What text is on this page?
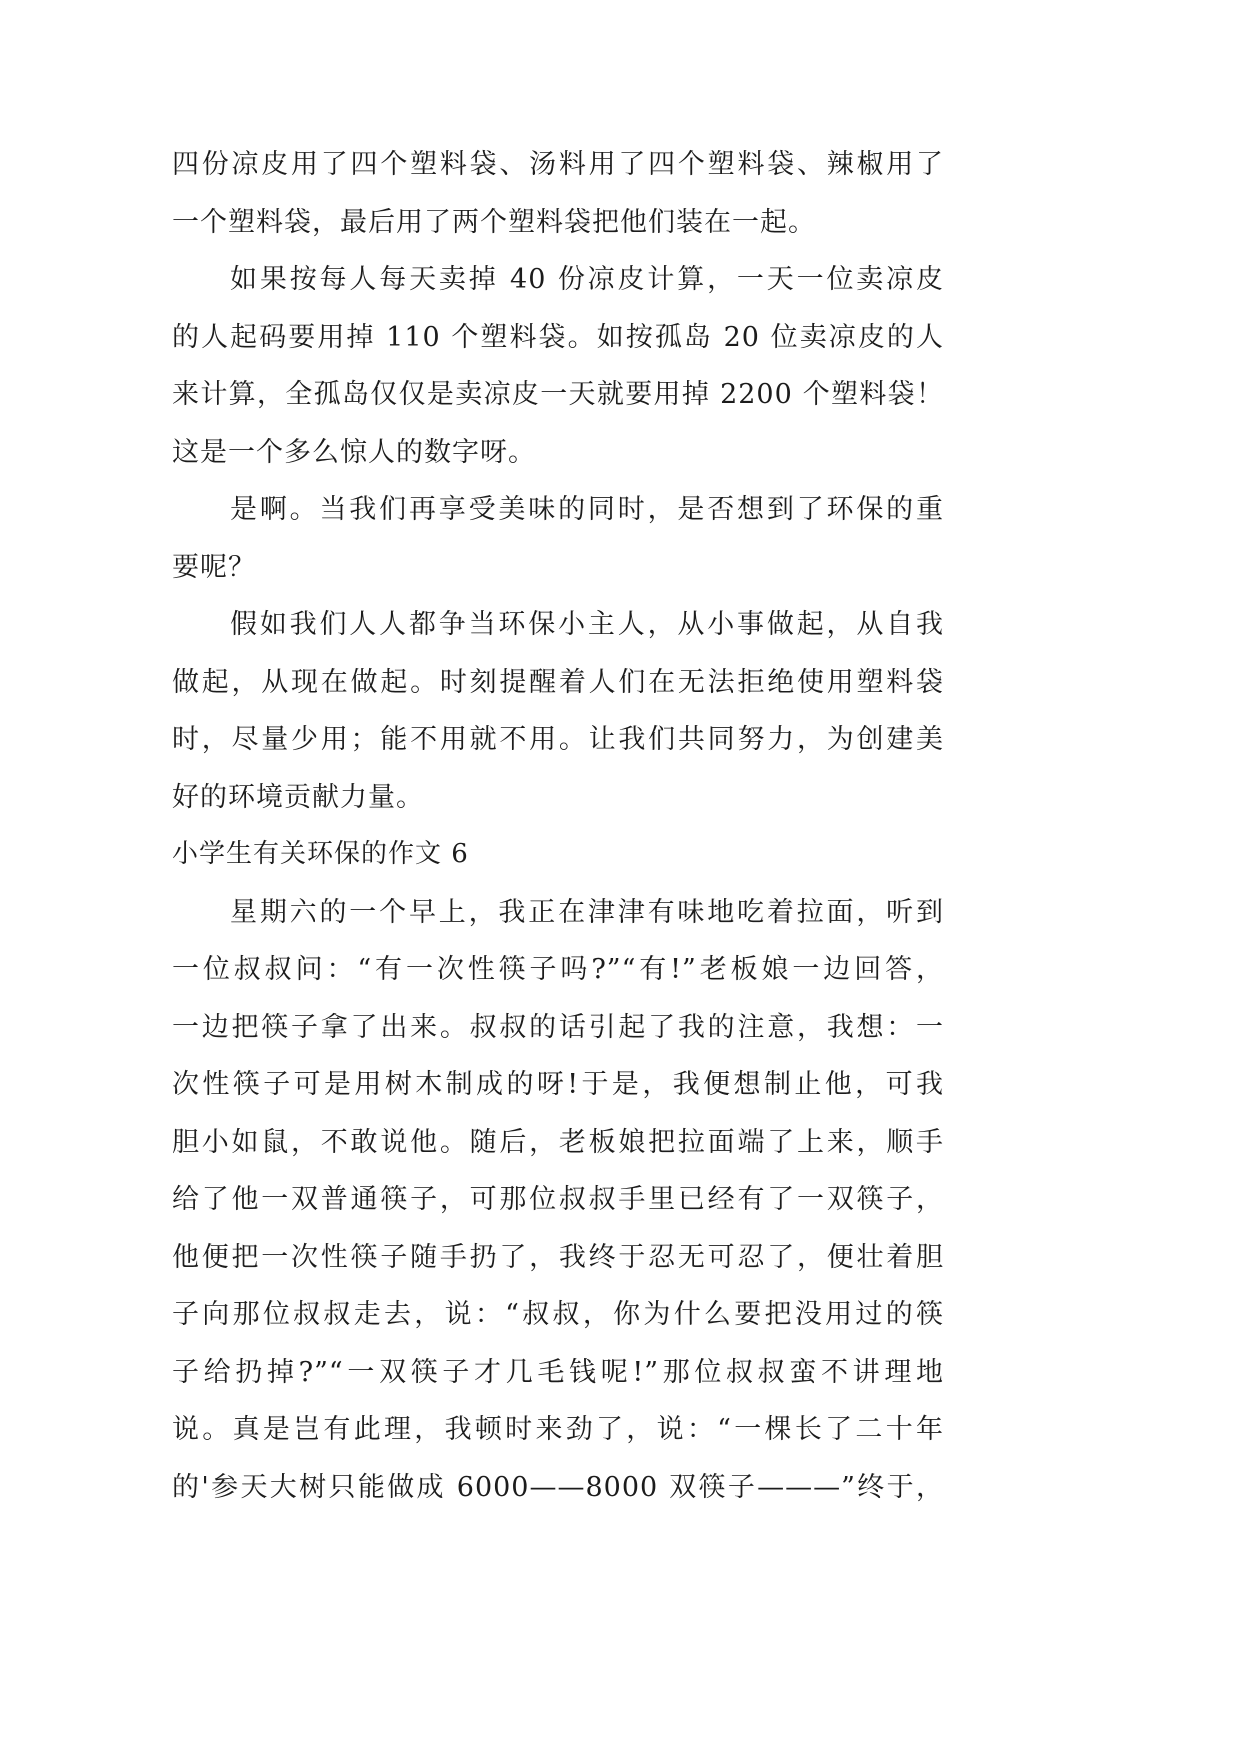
四份凉皮用了四个塑料袋、汤料用了四个塑料袋、辣椒用了
一个塑料袋，最后用了两个塑料袋把他们装在一起。
如果按每人每天卖掉 40 份凉皮计算，一天一位卖凉皮
的人起码要用掉 110 个塑料袋。如按孤岛 20 位卖凉皮的人
来计算，全孤岛仅仅是卖凉皮一天就要用掉 2200 个塑料袋！
这是一个多么惊人的数字呀。
是啊。当我们再享受美味的同时，是否想到了环保的重
要呢？
假如我们人人都争当环保小主人，从小事做起，从自我
做起，从现在做起。时刻提醒着人们在无法拒绝使用塑料袋
时，尽量少用；能不用就不用。让我们共同努力，为创建美
好的环境贡献力量。
小学生有关环保的作文 6
星期六的一个早上，我正在津津有味地吃着拉面，听到
一位叔叔问：“有一次性筷子吗?”“有!”老板娘一边回答，
一边把筷子拿了出来。叔叔的话引起了我的注意，我想：一
次性筷子可是用树木制成的呀!于是，我便想制止他，可我
胆小如鼠，不敢说他。随后，老板娘把拉面端了上来，顺手
给了他一双普通筷子，可那位叔叔手里已经有了一双筷子，
他便把一次性筷子随手扔了，我终于忍无可忍了，便壮着胆
子向那位叔叔走去，说：“叔叔，你为什么要把没用过的筷
子给扔掉?”“一双筷子才几毛钱呢!”那位叔叔蛮不讲理地
说。真是岂有此理，我顿时来劲了，说：“一棵长了二十年
的'参天大树只能做成 6000——8000 双筷子———”终于，
